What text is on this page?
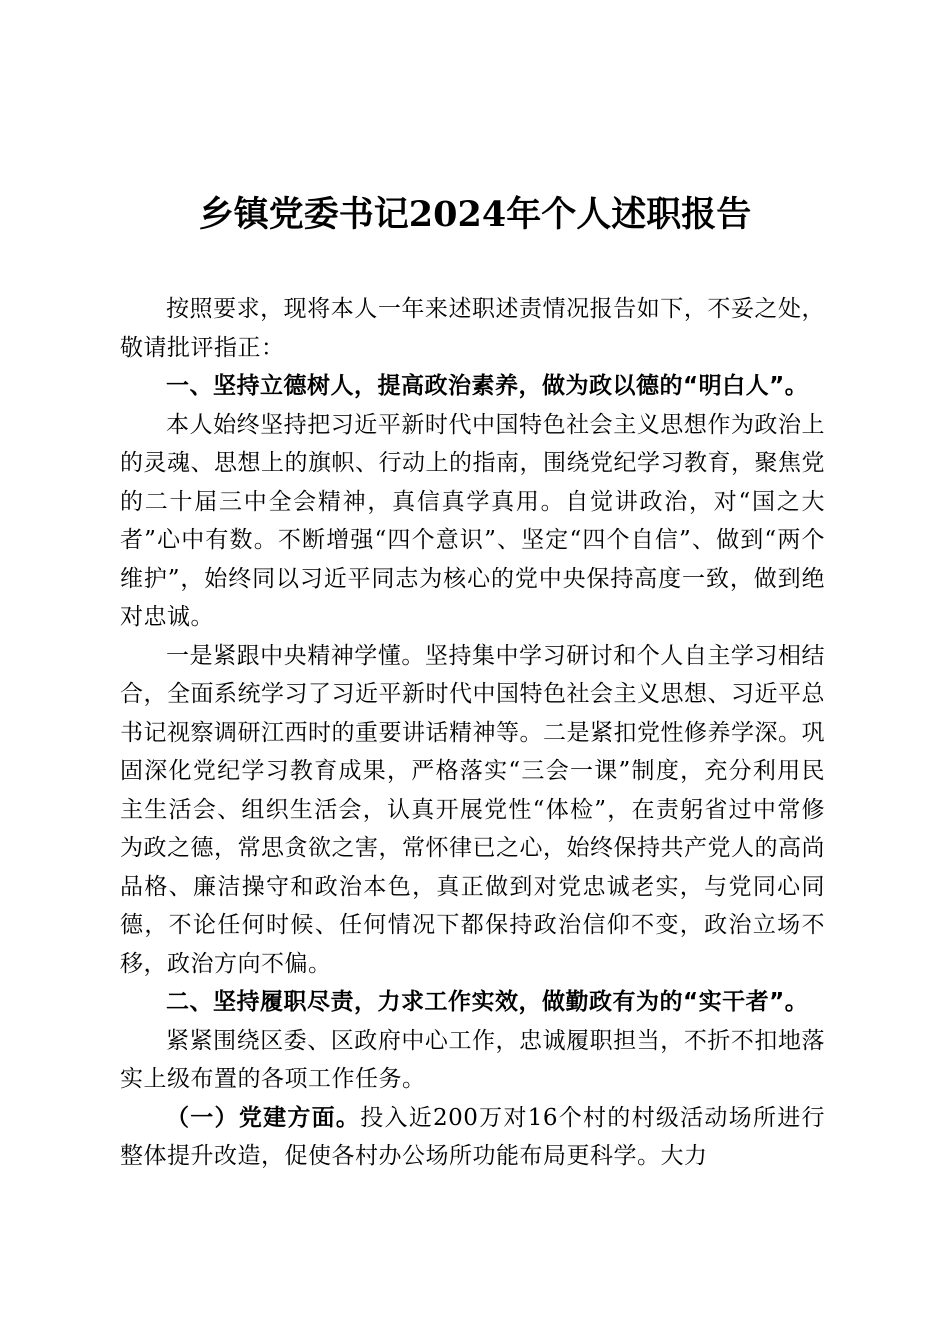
乡镇党委书记2024年个人述职报告

按照要求，现将本人一年来述职述责情况报告如下，不妥之处，敬请批评指正：

一、坚持立德树人，提高政治素养，做为政以德的“明白人”。

本人始终坚持把习近平新时代中国特色社会主义思想作为政治上的灵魂、思想上的旗帜、行动上的指南，围绕党纪学习教育，聚焦党的二十届三中全会精神，真信真学真用。自觉讲政治，对“国之大者”心中有数。不断增强“四个意识”、坚定“四个自信”、做到“两个维护”，始终同以习近平同志为核心的党中央保持高度一致，做到绝对忠诚。

一是紧跟中央精神学懂。坚持集中学习研讨和个人自主学习相结合，全面系统学习了习近平新时代中国特色社会主义思想、习近平总书记视察调研江西时的重要讲话精神等。二是紧扣党性修养学深。巩固深化党纪学习教育成果，严格落实“三会一课”制度，充分利用民主生活会、组织生活会，认真开展党性“体检”，在责躬省过中常修为政之德，常思贪欲之害，常怀律已之心，始终保持共产党人的高尚品格、廉洁操守和政治本色，真正做到对党忠诚老实，与党同心同德，不论任何时候、任何情况下都保持政治信仰不变，政治立场不移，政治方向不偏。

二、坚持履职尽责，力求工作实效，做勤政有为的“实干者”。

紧紧围绕区委、区政府中心工作，忠诚履职担当，不折不扣地落实上级布置的各项工作任务。

（一）党建方面。投入近200万对16个村的村级活动场所进行整体提升改造，促使各村办公场所功能布局更科学。大力
